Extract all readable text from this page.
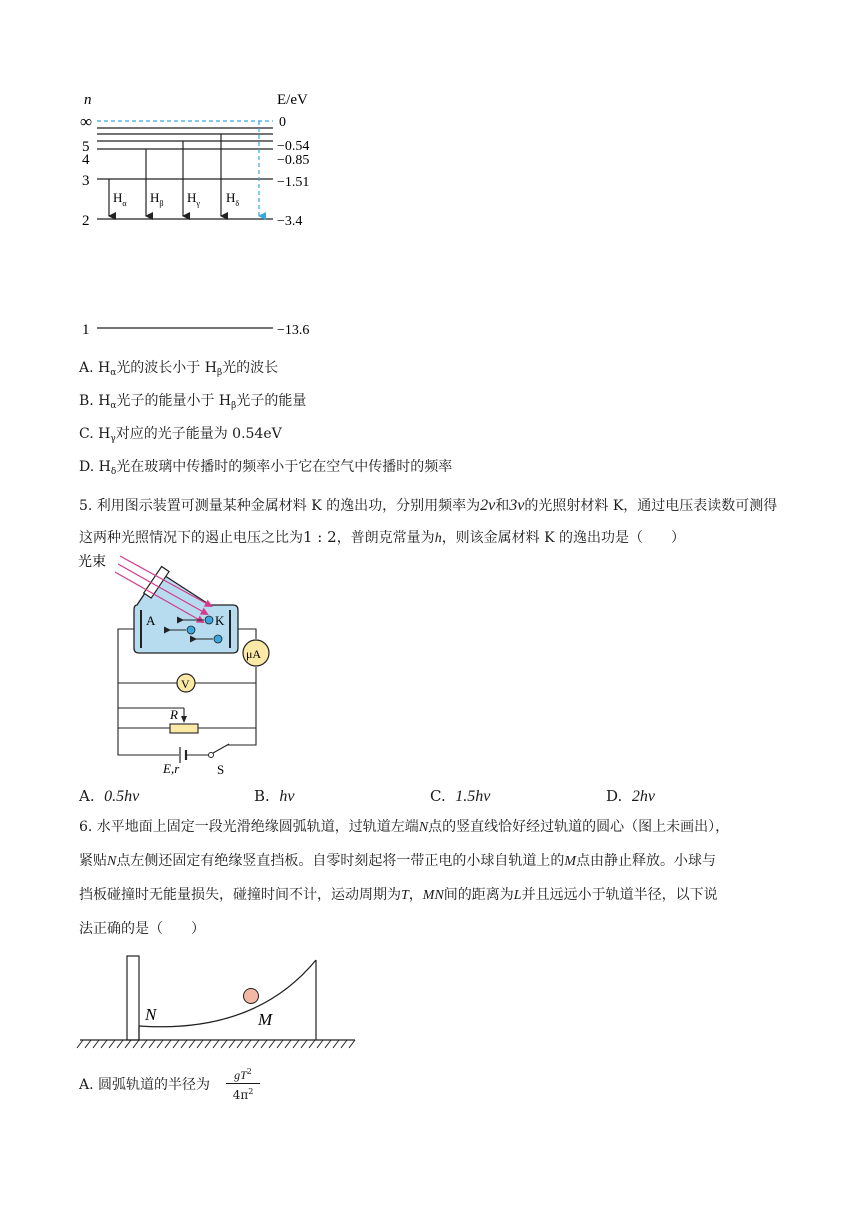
n	E/eV
∞
5
4
3
2
1
0
−0.54
−0.85
−1.51
−3.4
−13.6
$H_\alpha$ $H_\beta$ $H_\gamma$ $H_\delta$
A. $H_\alpha$光的波长小于 $H_\beta$光的波长
B. $H_\alpha$光子的能量小于 $H_\beta$光子的能量
C. $H_\gamma$对应的光子能量为 0.54eV
D. $H_\delta$光在玻璃中传播时的频率小于它在空气中传播时的频率
5. 利用图示装置可测量某种金属材料 K 的逸出功，分别用频率为2ν和3ν的光照射材料 K，通过电压表读数可测得这两种光照情况下的遏止电压之比为1 : 2，普朗克常量为h，则该金属材料 K 的逸出功是（　　）
光束
A	K
μA
V
R
E,r	S
A. 0.5hν	B. hν	C. 1.5hν	D. 2hν
6. 水平地面上固定一段光滑绝缘圆弧轨道，过轨道左端N点的竖直线恰好经过轨道的圆心（图上未画出），
紧贴N点左侧还固定有绝缘竖直挡板。自零时刻起将一带正电的小球自轨道上的M点由静止释放。小球与
挡板碰撞时无能量损失，碰撞时间不计，运动周期为T，MN间的距离为L并且远远小于轨道半径，以下说
法正确的是（　　）
N	M
A. 圆弧轨道的半径为 $\frac{gT^2}{4\pi^2}$
